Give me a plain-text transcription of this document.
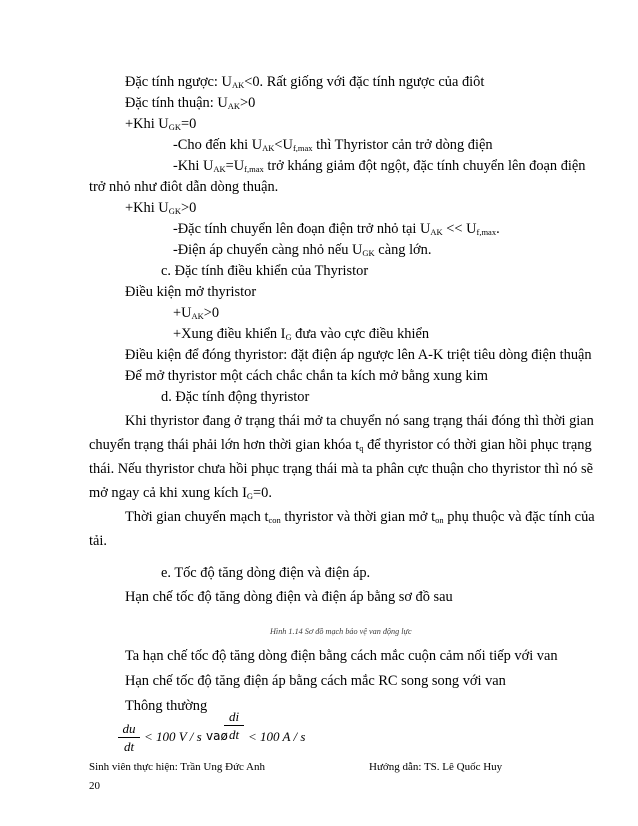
Đặc tính ngược: $U_{AK}<0$. Rất giống với đặc tính ngược của điôt
Đặc tính thuận: $U_{AK}>0$
+Khi $U_{GK}=0$
-Cho đến khi $U_{AK}<U_{f,max}$ thì Thyristor cản trở dòng điện
-Khi $U_{AK}=U_{f,max}$ trở kháng giảm đột ngột, đặc tính chuyển lên đoạn điện
trở nhỏ như điôt dẫn dòng thuận.
+Khi $U_{GK}>0$
-Đặc tính chuyển lên đoạn điện trở nhỏ tại $U_{AK} << U_{f,max}$.
-Điện áp chuyển càng nhỏ nếu $U_{GK}$ càng lớn.
c. Đặc tính điều khiển của Thyristor
Điều kiện mở thyristor
$+U_{AK}>0$
+Xung điều khiển $I_G$ đưa vào cực điều khiển
Điều kiện để đóng thyristor: đặt điện áp ngược lên A-K triệt tiêu dòng điện thuận
Để mở thyristor một cách chắc chắn ta kích mở bằng xung kim
d. Đặc tính động thyristor
Khi thyristor đang ở trạng thái mở ta chuyển nó sang trạng thái đóng thì thời gian
chuyển trạng thái phải lớn hơn thời gian khóa $t_q$ để thyristor có thời gian hồi phục trạng
thái. Nếu thyristor chưa hồi phục trạng thái mà ta phân cực thuận cho thyristor thì nó sẽ
mở ngay cả khi xung kích $I_G=0$.
Thời gian chuyển mạch $t_{con}$ thyristor và thời gian mở $t_{on}$ phụ thuộc và đặc tính của
tải.
e. Tốc độ tăng dòng điện và điện áp.
Hạn chế tốc độ tăng dòng điện và điện áp bằng sơ đồ sau
Ta hạn chế tốc độ tăng dòng điện bằng cách mắc cuộn cảm nối tiếp với van
Hạn chế tốc độ tăng điện áp bằng cách mắc RC song song với van
Thông thường
Hình 1.14 Sơ đồ mạch bảo vệ van động lực
$\frac{du}{dt} < 100$ V / s vaø
$\frac{di}{dt} < 100$ A / s
Sinh viên thực hiện: Trần Ung Đức Anh	Hướng dẫn: TS. Lê Quốc Huy
20
